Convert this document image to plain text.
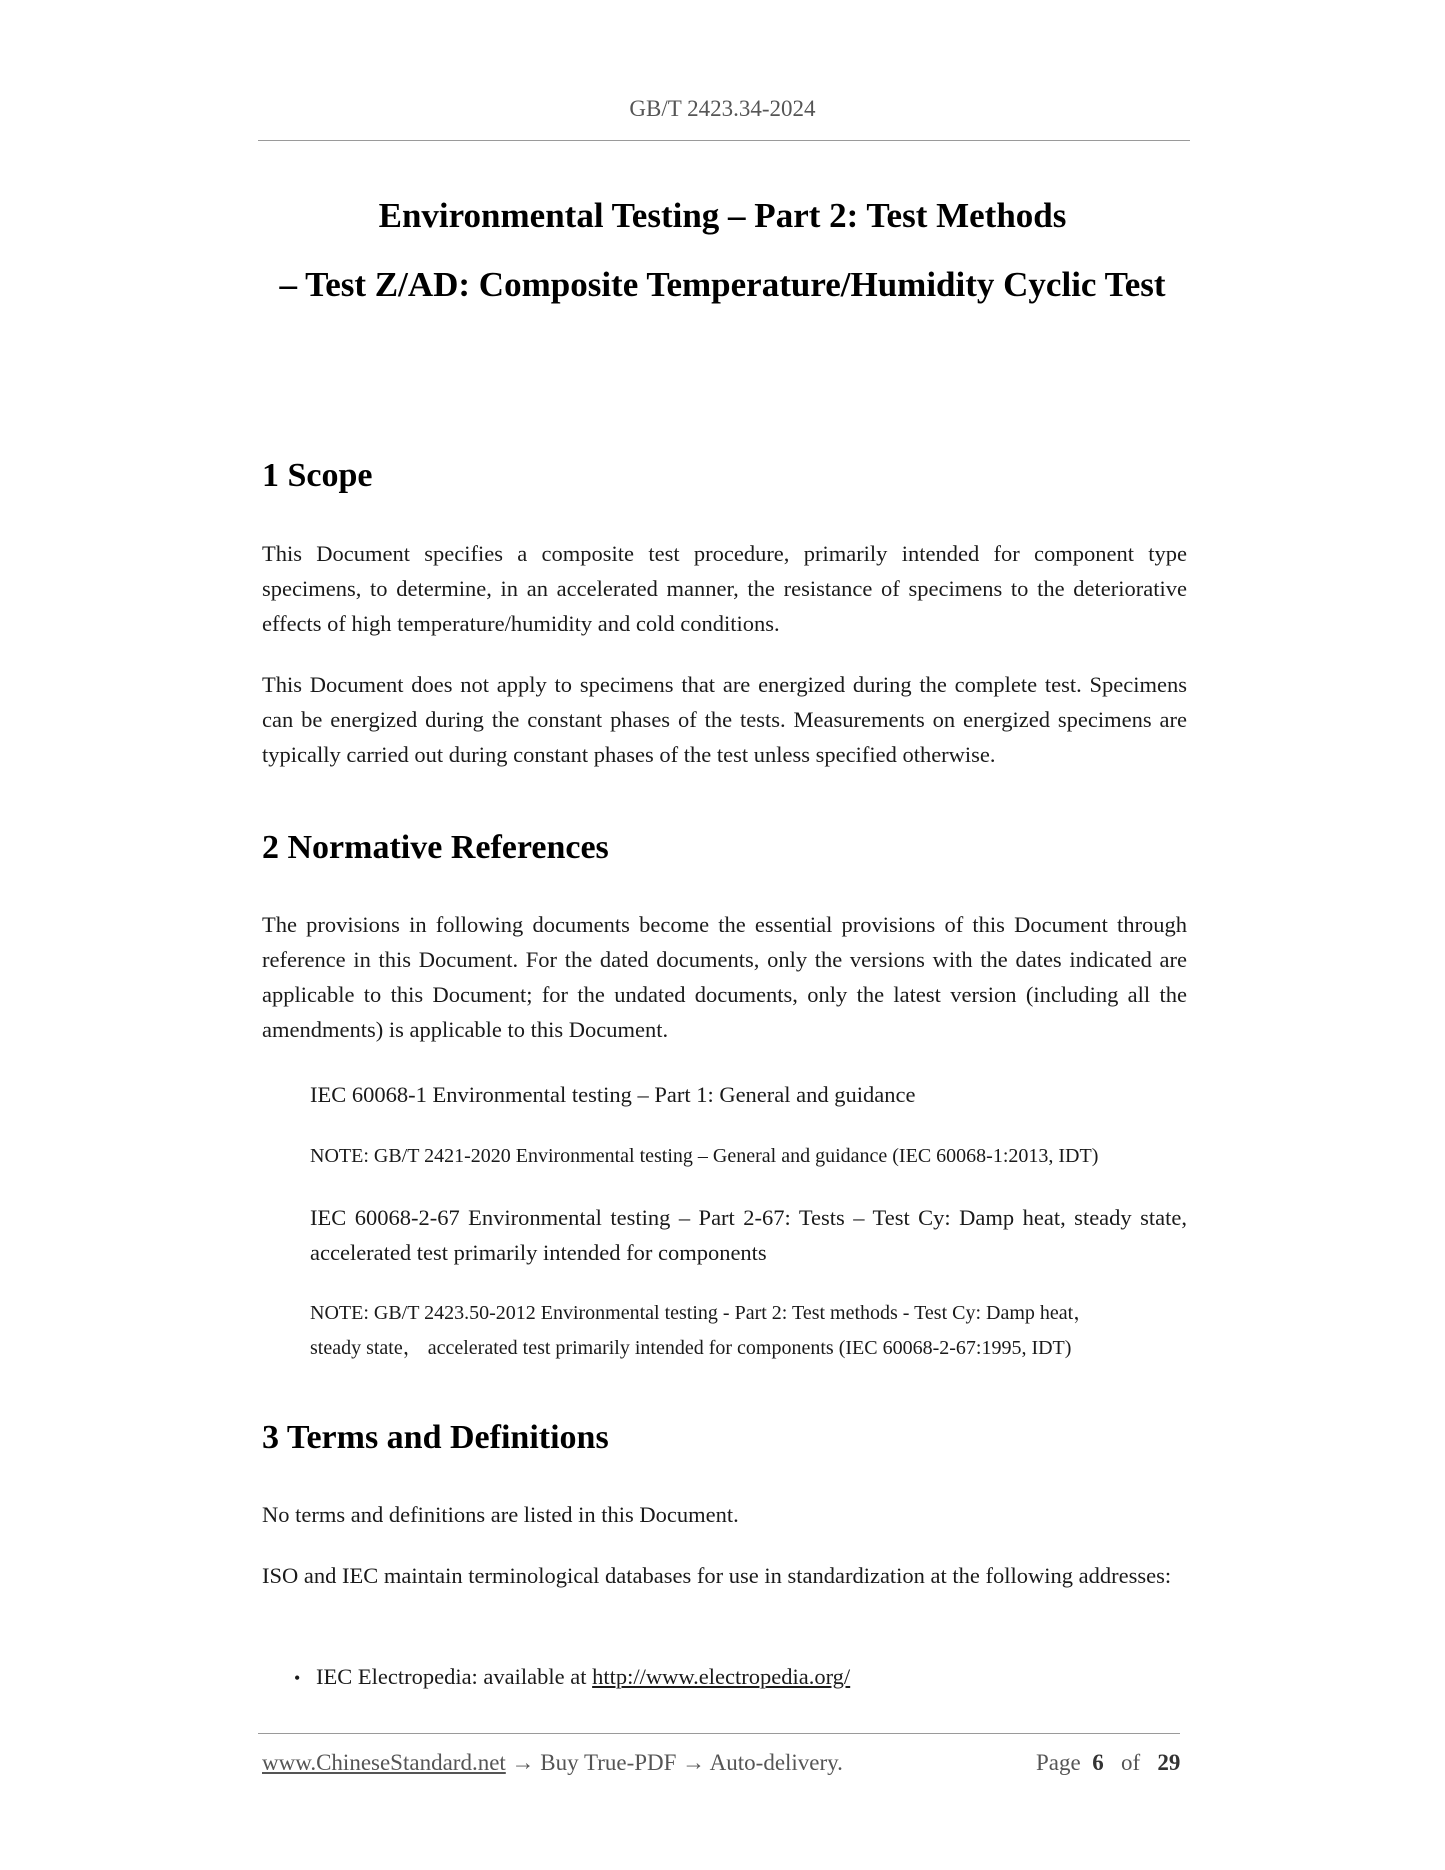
GB/T 2423.34-2024
Environmental Testing – Part 2: Test Methods
– Test Z/AD: Composite Temperature/Humidity Cyclic Test
1 Scope
This Document specifies a composite test procedure, primarily intended for component type specimens, to determine, in an accelerated manner, the resistance of specimens to the deteriorative effects of high temperature/humidity and cold conditions.
This Document does not apply to specimens that are energized during the complete test. Specimens can be energized during the constant phases of the tests. Measurements on energized specimens are typically carried out during constant phases of the test unless specified otherwise.
2 Normative References
The provisions in following documents become the essential provisions of this Document through reference in this Document. For the dated documents, only the versions with the dates indicated are applicable to this Document; for the undated documents, only the latest version (including all the amendments) is applicable to this Document.
IEC 60068-1 Environmental testing – Part 1: General and guidance
NOTE: GB/T 2421-2020 Environmental testing – General and guidance (IEC 60068-1:2013, IDT)
IEC 60068-2-67 Environmental testing – Part 2-67: Tests – Test Cy: Damp heat, steady state, accelerated test primarily intended for components
NOTE: GB/T 2423.50-2012 Environmental testing - Part 2: Test methods - Test Cy: Damp heat，
steady state， accelerated test primarily intended for components (IEC 60068-2-67:1995, IDT)
3 Terms and Definitions
No terms and definitions are listed in this Document.
ISO and IEC maintain terminological databases for use in standardization at the following addresses:
• IEC Electropedia: available at http://www.electropedia.org/
www.ChineseStandard.net → Buy True-PDF → Auto-delivery.	Page 6 of 29
